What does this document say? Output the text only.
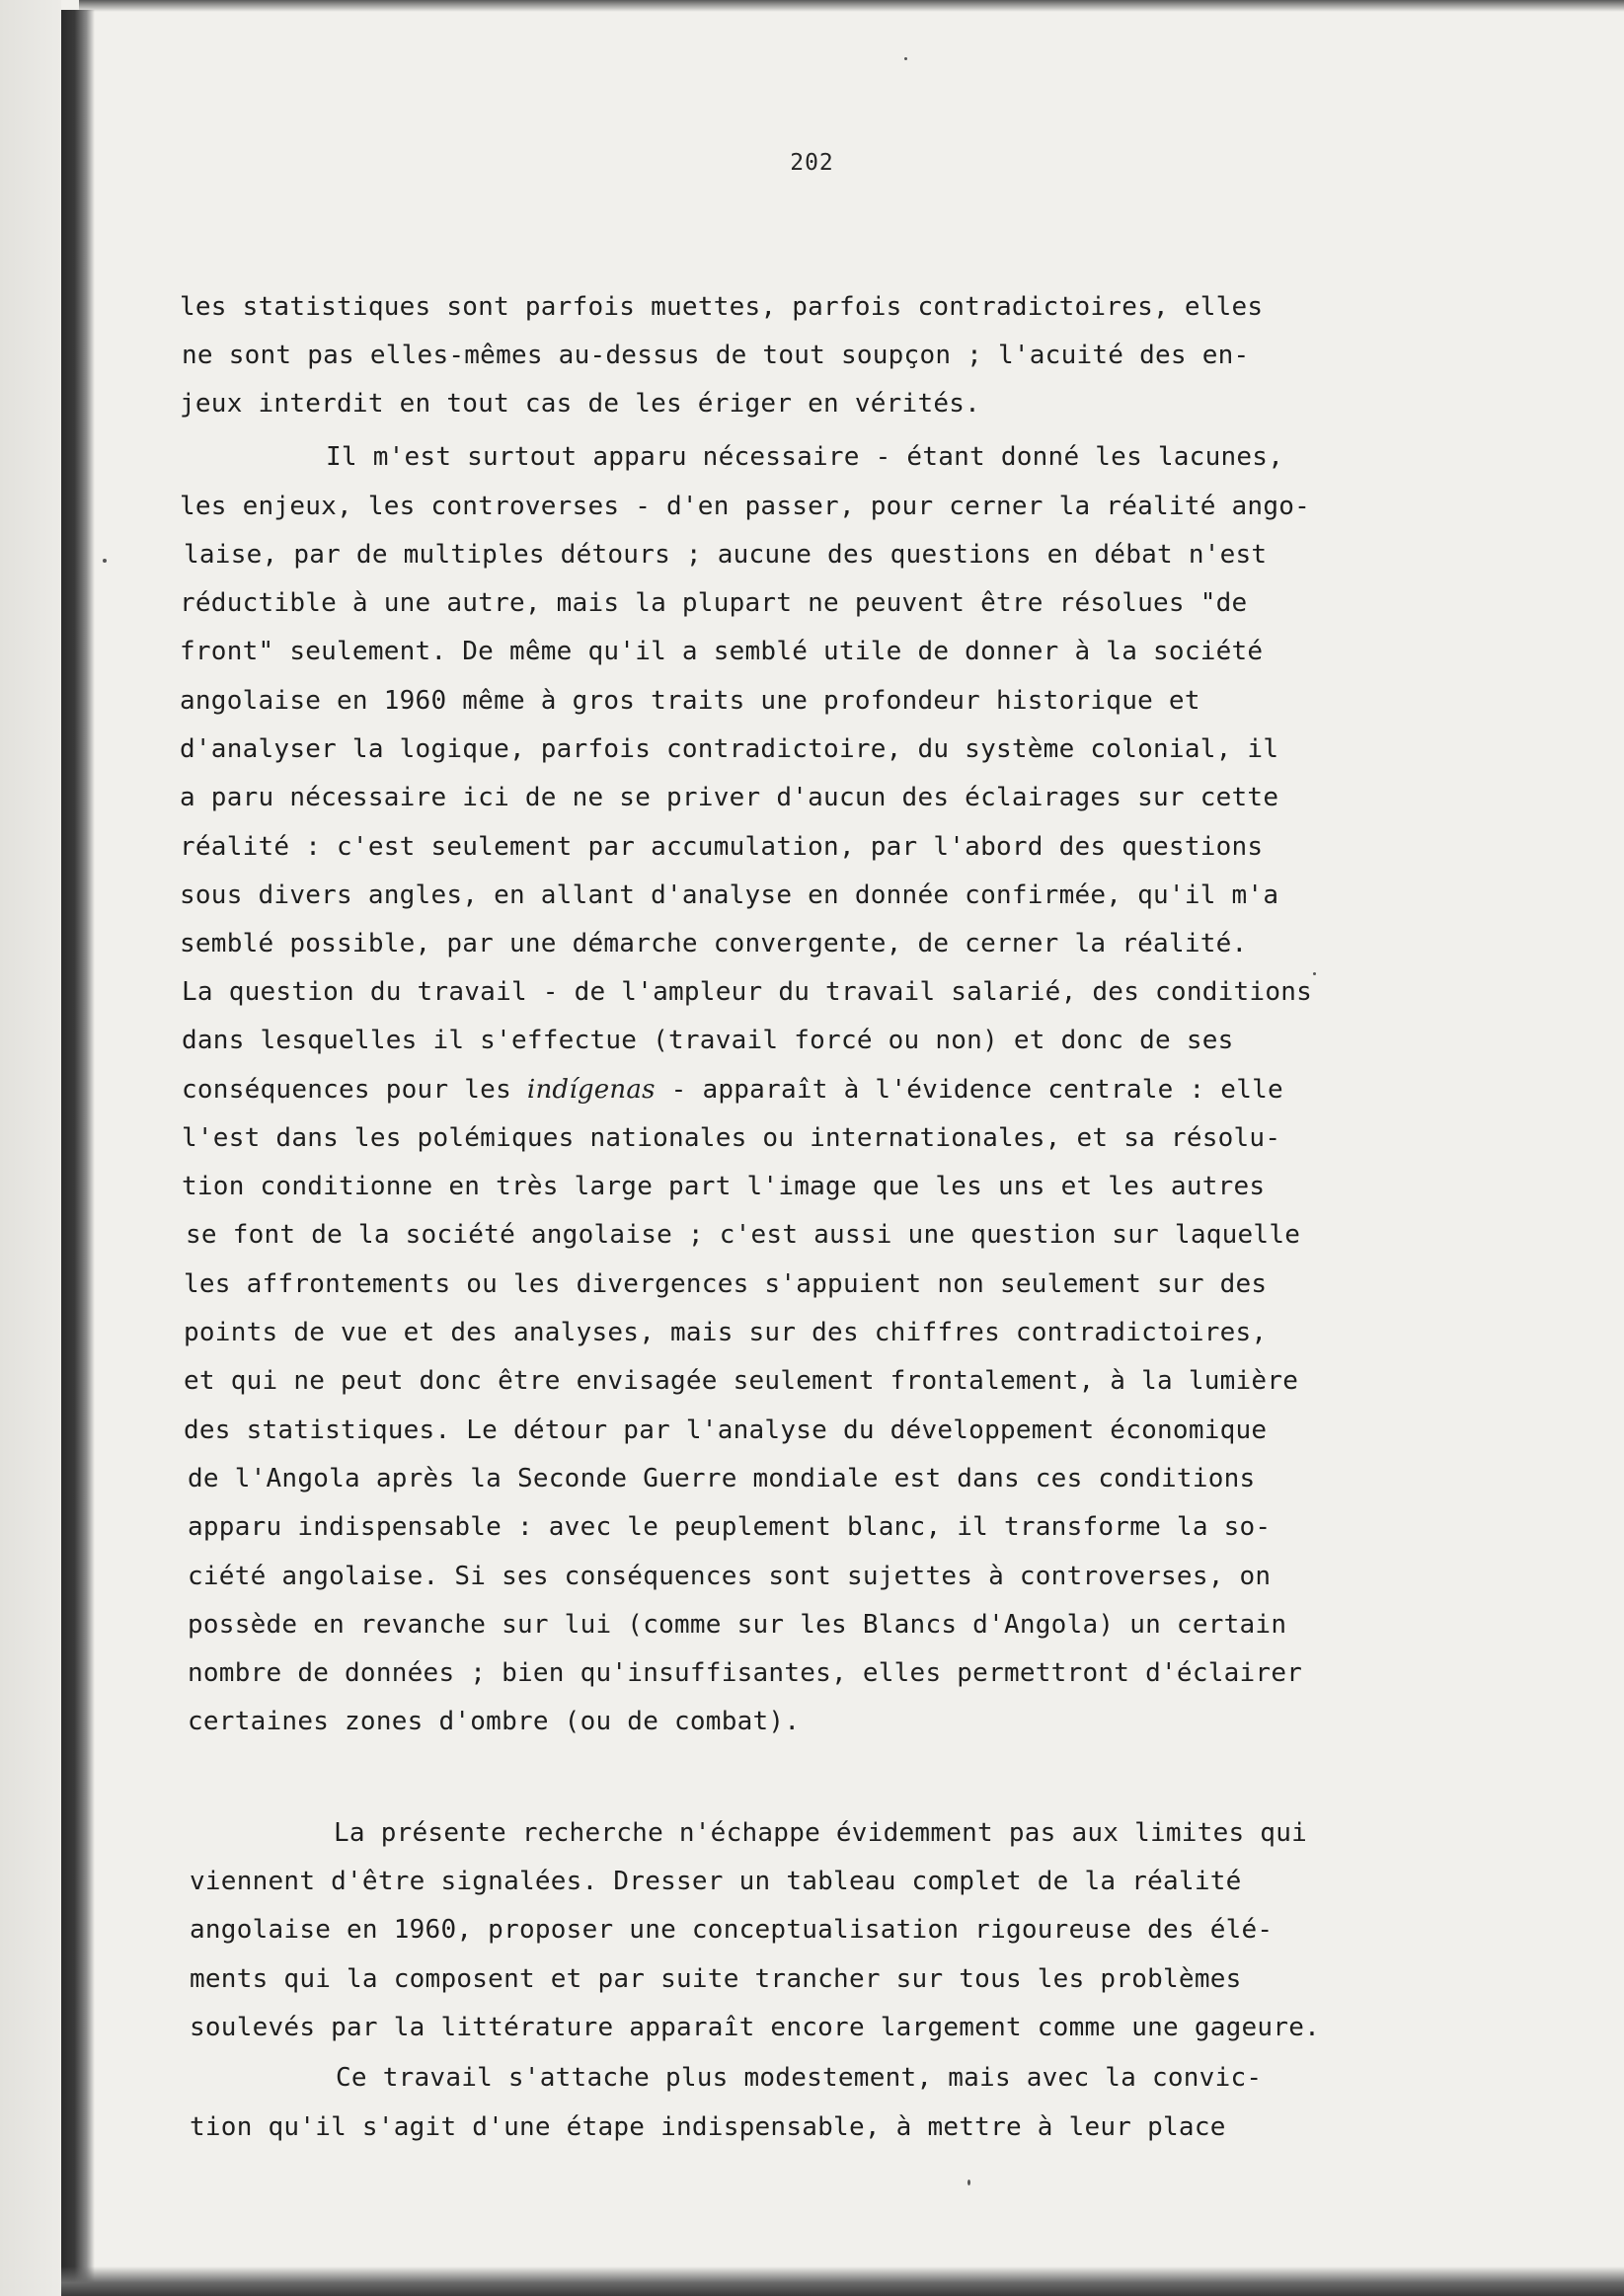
202
les statistiques sont parfois muettes, parfois contradictoires, elles
ne sont pas elles-mêmes au-dessus de tout soupçon ; l'acuité des en-
jeux interdit en tout cas de les ériger en vérités.
Il m'est surtout apparu nécessaire - étant donné les lacunes,
les enjeux, les controverses - d'en passer, pour cerner la réalité ango-
laise, par de multiples détours ; aucune des questions en débat n'est
réductible à une autre, mais la plupart ne peuvent être résolues "de
front" seulement. De même qu'il a semblé utile de donner à la société
angolaise en 1960 même à gros traits une profondeur historique et
d'analyser la logique, parfois contradictoire, du système colonial, il
a paru nécessaire ici de ne se priver d'aucun des éclairages sur cette
réalité : c'est seulement par accumulation, par l'abord des questions
sous divers angles, en allant d'analyse en donnée confirmée, qu'il m'a
semblé possible, par une démarche convergente, de cerner la réalité.
La question du travail - de l'ampleur du travail salarié, des conditions
dans lesquelles il s'effectue (travail forcé ou non) et donc de ses
conséquences pour les indígenas - apparaît à l'évidence centrale : elle
l'est dans les polémiques nationales ou internationales, et sa résolu-
tion conditionne en très large part l'image que les uns et les autres
se font de la société angolaise ; c'est aussi une question sur laquelle
les affrontements ou les divergences s'appuient non seulement sur des
points de vue et des analyses, mais sur des chiffres contradictoires,
et qui ne peut donc être envisagée seulement frontalement, à la lumière
des statistiques. Le détour par l'analyse du développement économique
de l'Angola après la Seconde Guerre mondiale est dans ces conditions
apparu indispensable : avec le peuplement blanc, il transforme la so-
ciété angolaise. Si ses conséquences sont sujettes à controverses, on
possède en revanche sur lui (comme sur les Blancs d'Angola) un certain
nombre de données ; bien qu'insuffisantes, elles permettront d'éclairer
certaines zones d'ombre (ou de combat).
La présente recherche n'échappe évidemment pas aux limites qui
viennent d'être signalées. Dresser un tableau complet de la réalité
angolaise en 1960, proposer une conceptualisation rigoureuse des élé-
ments qui la composent et par suite trancher sur tous les problèmes
soulevés par la littérature apparaît encore largement comme une gageure.
Ce travail s'attache plus modestement, mais avec la convic-
tion qu'il s'agit d'une étape indispensable, à mettre à leur place
